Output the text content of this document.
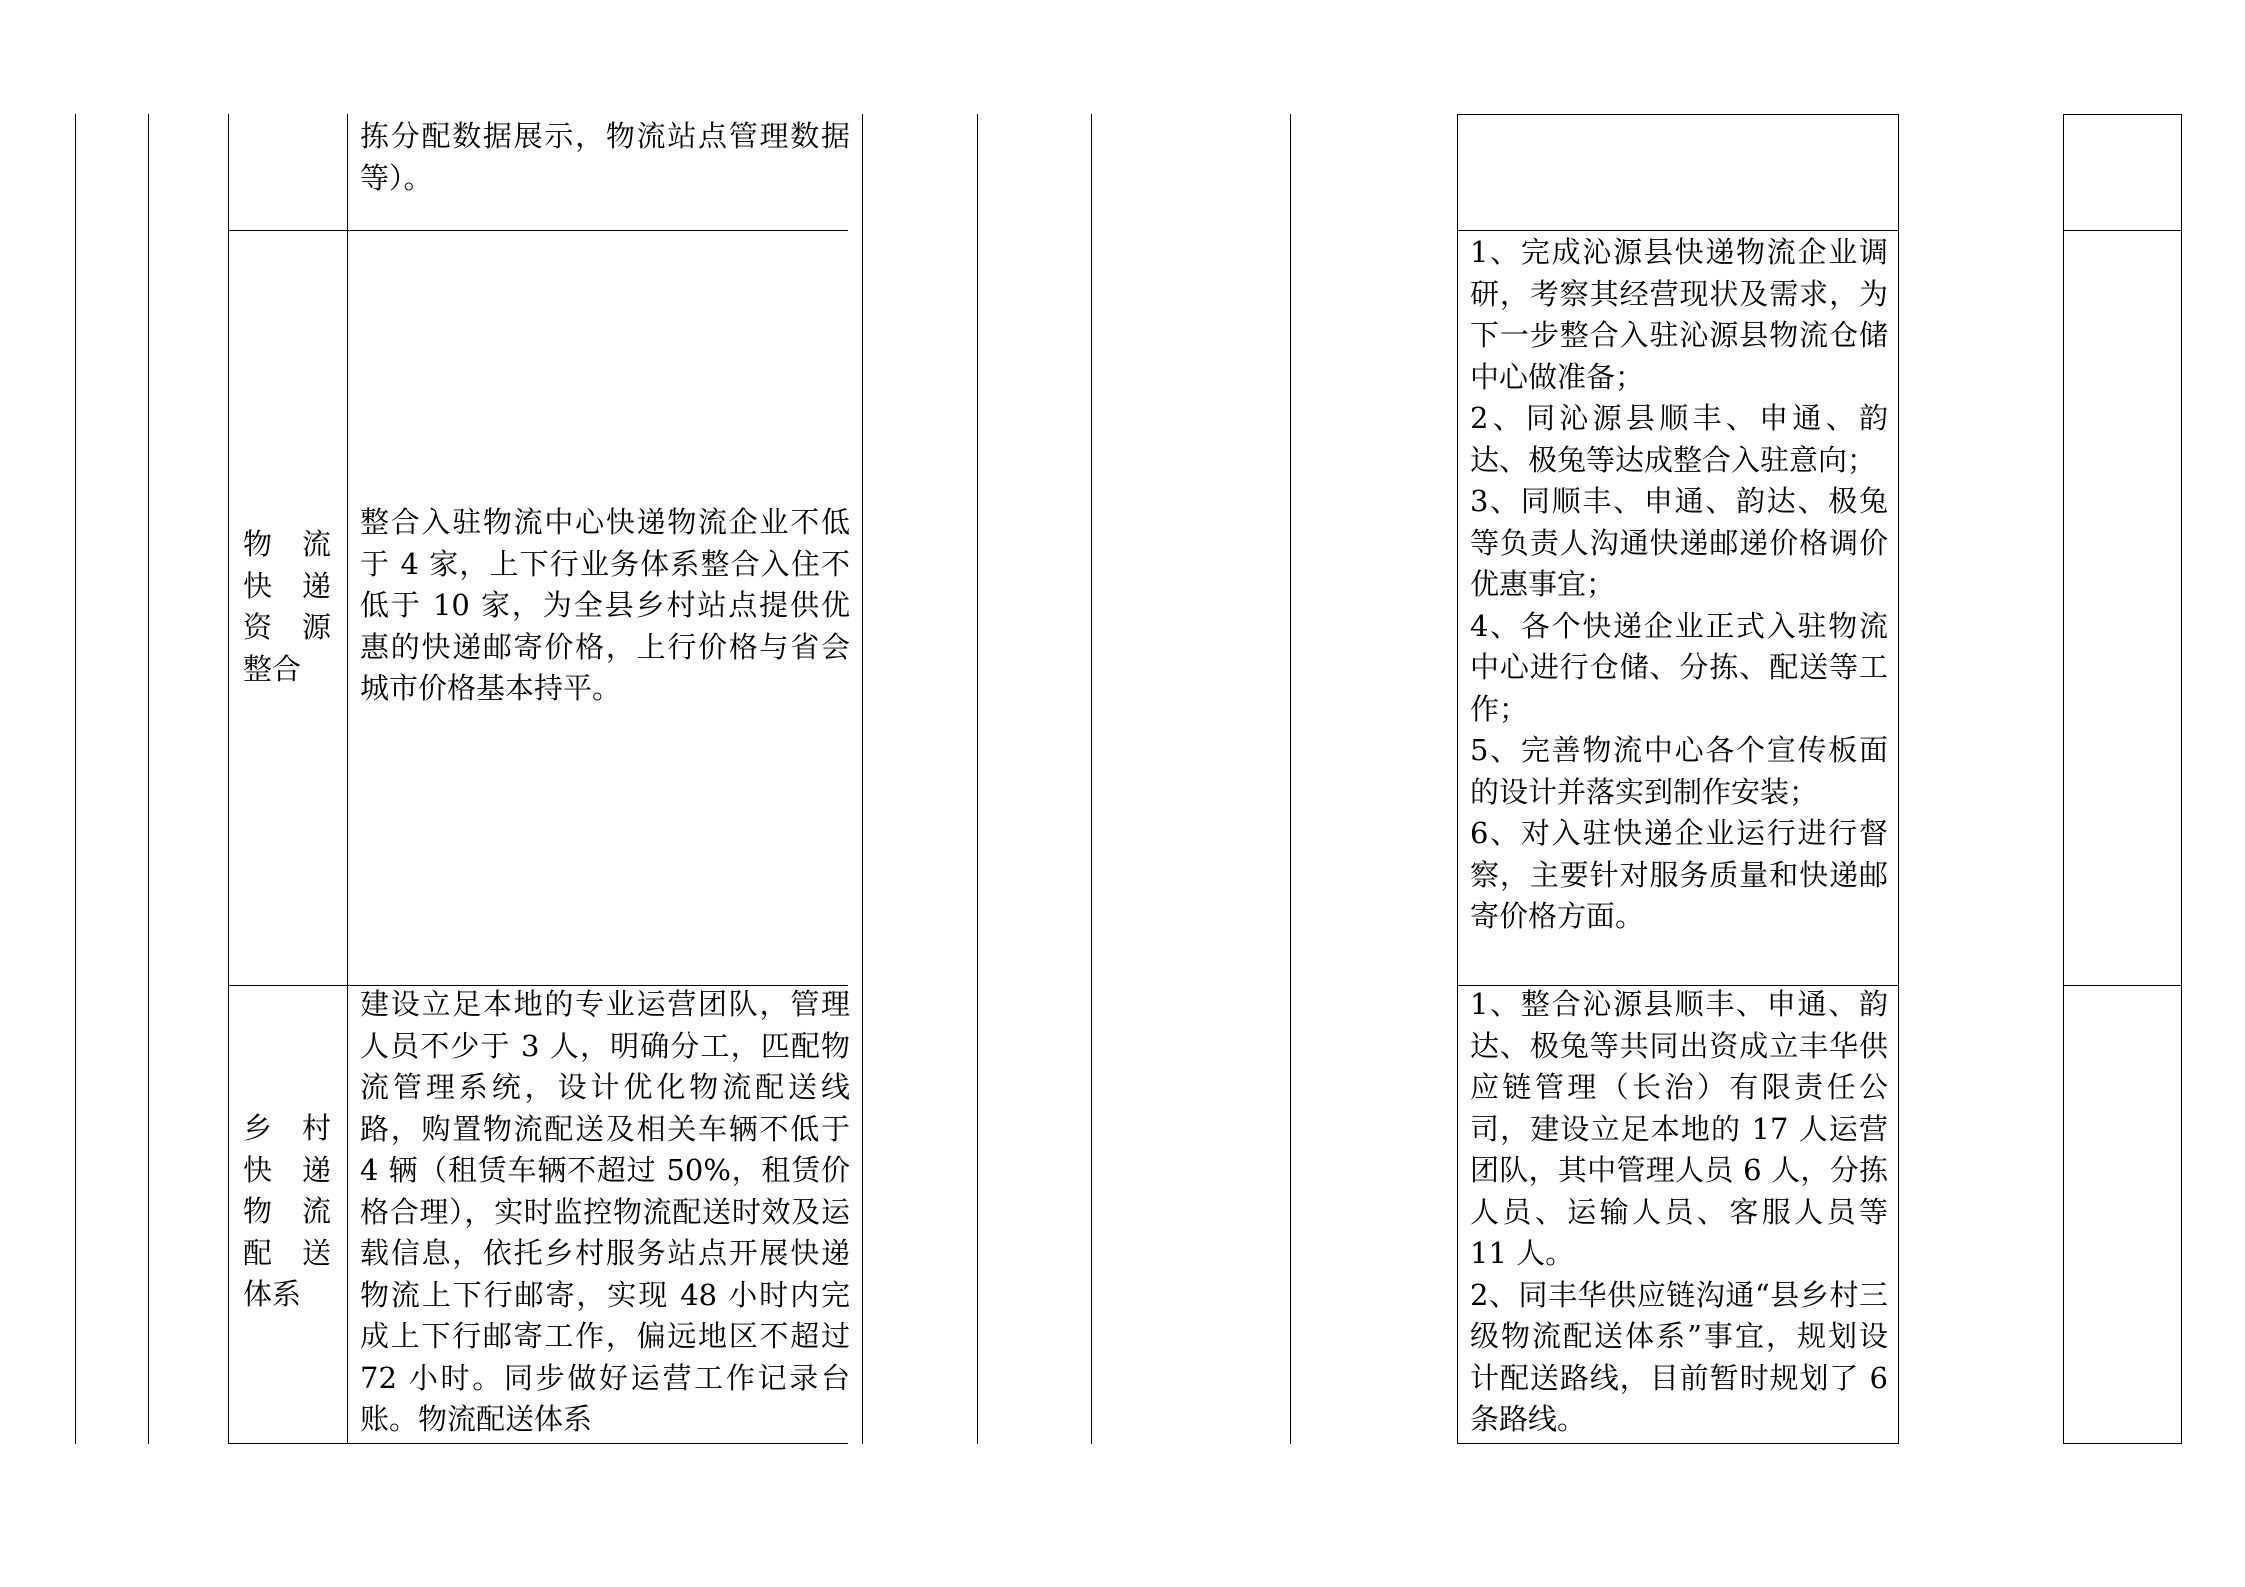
拣分配数据展示，物流站点管理数据等）。

物 流
快 递
资 源
整合

整合入驻物流中心快递物流企业不低于 4 家，上下行业务体系整合入住不低于 10 家，为全县乡村站点提供优惠的快递邮寄价格，上行价格与省会城市价格基本持平。

1、完成沁源县快递物流企业调研，考察其经营现状及需求，为下一步整合入驻沁源县物流仓储中心做准备；

2、同沁源县顺丰、申通、韵达、极兔等达成整合入驻意向；

3、同顺丰、申通、韵达、极兔等负责人沟通快递邮递价格调价优惠事宜；

4、各个快递企业正式入驻物流中心进行仓储、分拣、配送等工作；

5、完善物流中心各个宣传板面的设计并落实到制作安装；

6、对入驻快递企业运行进行督察，主要针对服务质量和快递邮寄价格方面。

乡 村
快 递
物 流
配 送
体系

建设立足本地的专业运营团队，管理人员不少于 3 人，明确分工，匹配物流管理系统，设计优化物流配送线路，购置物流配送及相关车辆不低于 4 辆（租赁车辆不超过 50%，租赁价格合理），实时监控物流配送时效及运载信息，依托乡村服务站点开展快递物流上下行邮寄，实现 48 小时内完成上下行邮寄工作，偏远地区不超过 72 小时。同步做好运营工作记录台账。物流配送体系

1、整合沁源县顺丰、申通、韵达、极兔等共同出资成立丰华供应链管理（长治）有限责任公司，建设立足本地的 17 人运营团队，其中管理人员 6 人，分拣人员、运输人员、客服人员等 11 人。

2、同丰华供应链沟通“县乡村三级物流配送体系”事宜，规划设计配送路线，目前暂时规划了 6 条路线。
